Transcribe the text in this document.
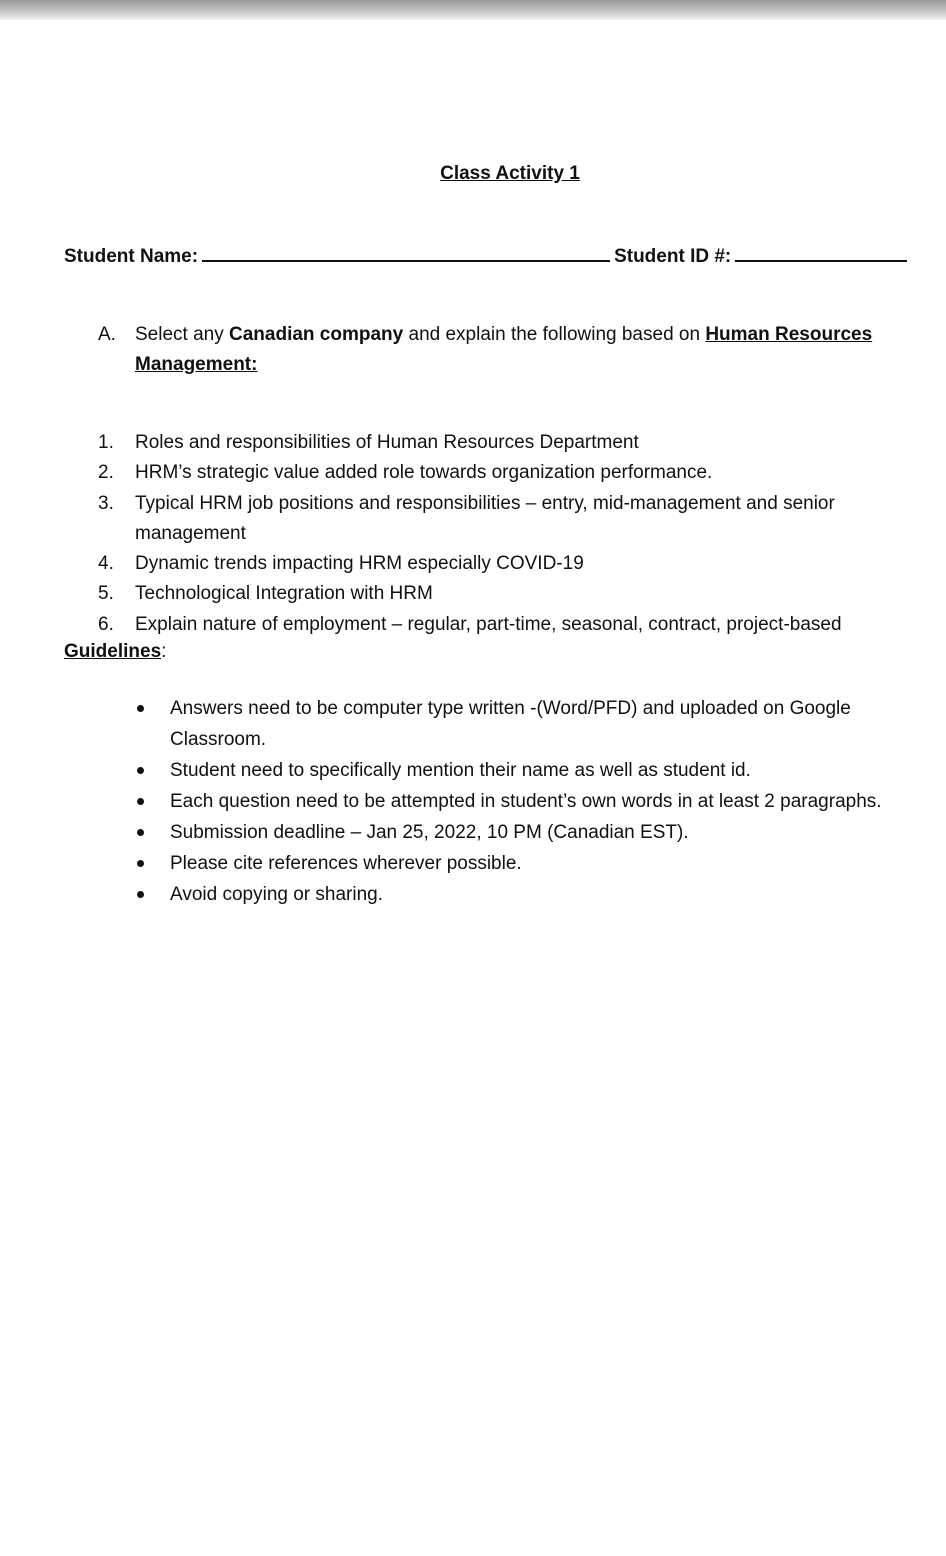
Class Activity 1
Student Name:	Student ID #:
A. Select any Canadian company and explain the following based on Human Resources Management:
1. Roles and responsibilities of Human Resources Department
2. HRM’s strategic value added role towards organization performance.
3. Typical HRM job positions and responsibilities – entry, mid-management and senior management
4. Dynamic trends impacting HRM especially COVID-19
5. Technological Integration with HRM
6. Explain nature of employment – regular, part-time, seasonal, contract, project-based
Guidelines:
Answers need to be computer type written -(Word/PFD) and uploaded on Google Classroom.
Student need to specifically mention their name as well as student id.
Each question need to be attempted in student’s own words in at least 2 paragraphs.
Submission deadline – Jan 25, 2022, 10 PM (Canadian EST).
Please cite references wherever possible.
Avoid copying or sharing.
